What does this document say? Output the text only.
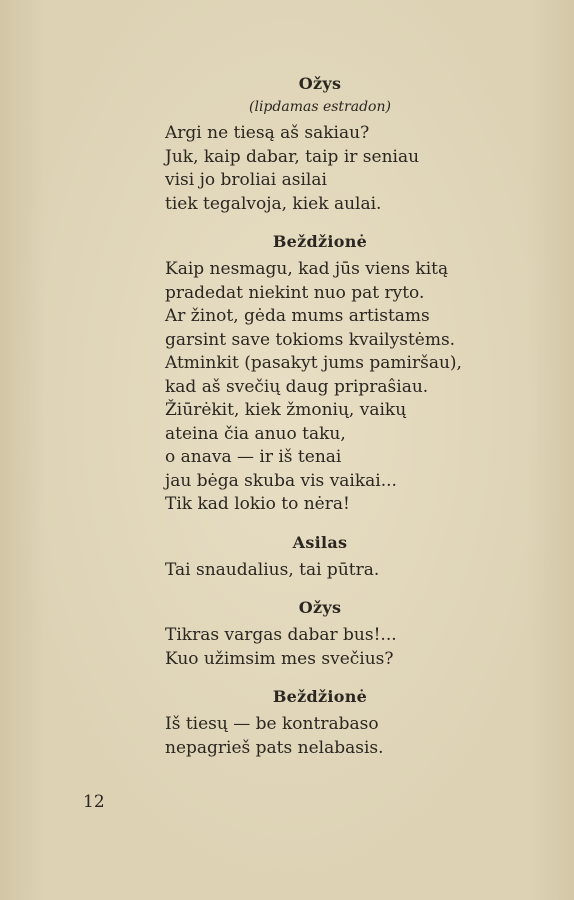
Ožys

(lipdamas estradon)

Argi ne tiesą aš sakiau?
Juk, kaip dabar, taip ir seniau
visi jo broliai asilai
tiek tegalvoja, kiek aulai.

Beždžionė

Kaip nesmagu, kad jūs viens kitą
pradedat niekint nuo pat ryto.
Ar žinot, gėda mums artistams
garsint save tokioms kvailystėms.
Atminkit (pasakyt jums pamiršau),
kad aš svečių daug pripraŝiau.
Žiūrėkit, kiek žmonių, vaikų
ateina čia anuo taku,
o anava — ir iš tenai
jau bėga skuba vis vaikai...
Tik kad lokio to nėra!

Asilas

Tai snaudalius, tai pūtra.

Ožys

Tikras vargas dabar bus!...
Kuo užimsim mes svečius?

Beždžionė

Iš tiesų — be kontrabaso
nepagrieš pats nelabasis.
12
